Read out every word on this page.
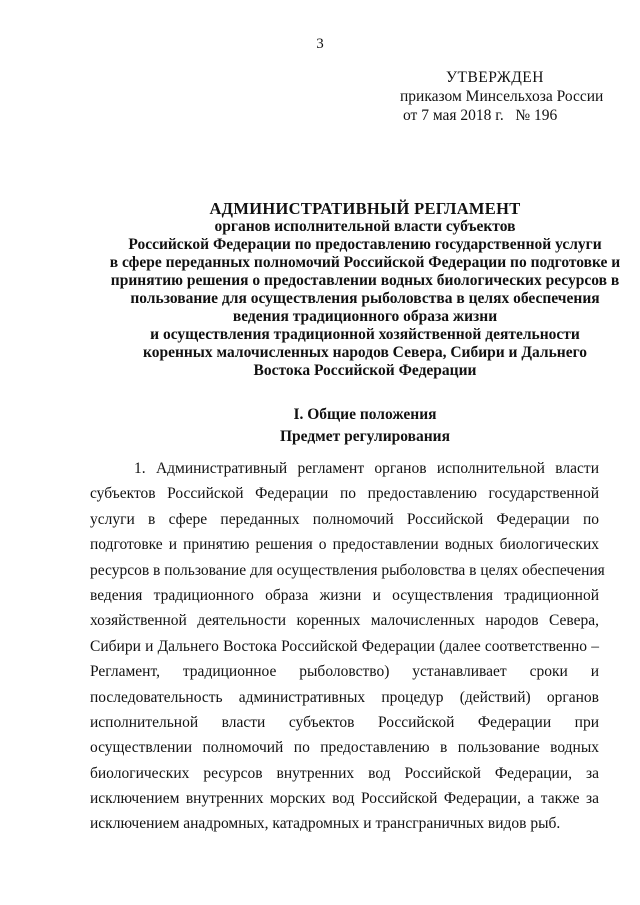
3
УТВЕРЖДЕН
приказом Минсельхоза России
от 7 мая 2018 г.   № 196
АДМИНИСТРАТИВНЫЙ РЕГЛАМЕНТ
органов исполнительной власти субъектов
Российской Федерации по предоставлению государственной услуги
в сфере переданных полномочий Российской Федерации по подготовке и
принятию решения о предоставлении водных биологических ресурсов в
пользование для осуществления рыболовства в целях обеспечения
ведения традиционного образа жизни
и осуществления традиционной хозяйственной деятельности
коренных малочисленных народов Севера, Сибири и Дальнего
Востока Российской Федерации
I. Общие положения
Предмет регулирования
1. Административный регламент органов исполнительной власти
субъектов Российской Федерации по предоставлению государственной
услуги в сфере переданных полномочий Российской Федерации по
подготовке и принятию решения о предоставлении водных биологических
ресурсов в пользование для осуществления рыболовства в целях обеспечения
ведения традиционного образа жизни и осуществления традиционной
хозяйственной деятельности коренных малочисленных народов Севера,
Сибири и Дальнего Востока Российской Федерации (далее соответственно –
Регламент, традиционное рыболовство) устанавливает сроки и
последовательность административных процедур (действий) органов
исполнительной власти субъектов Российской Федерации при
осуществлении полномочий по предоставлению в пользование водных
биологических ресурсов внутренних вод Российской Федерации, за
исключением внутренних морских вод Российской Федерации, а также за
исключением анадромных, катадромных и трансграничных видов рыб.
